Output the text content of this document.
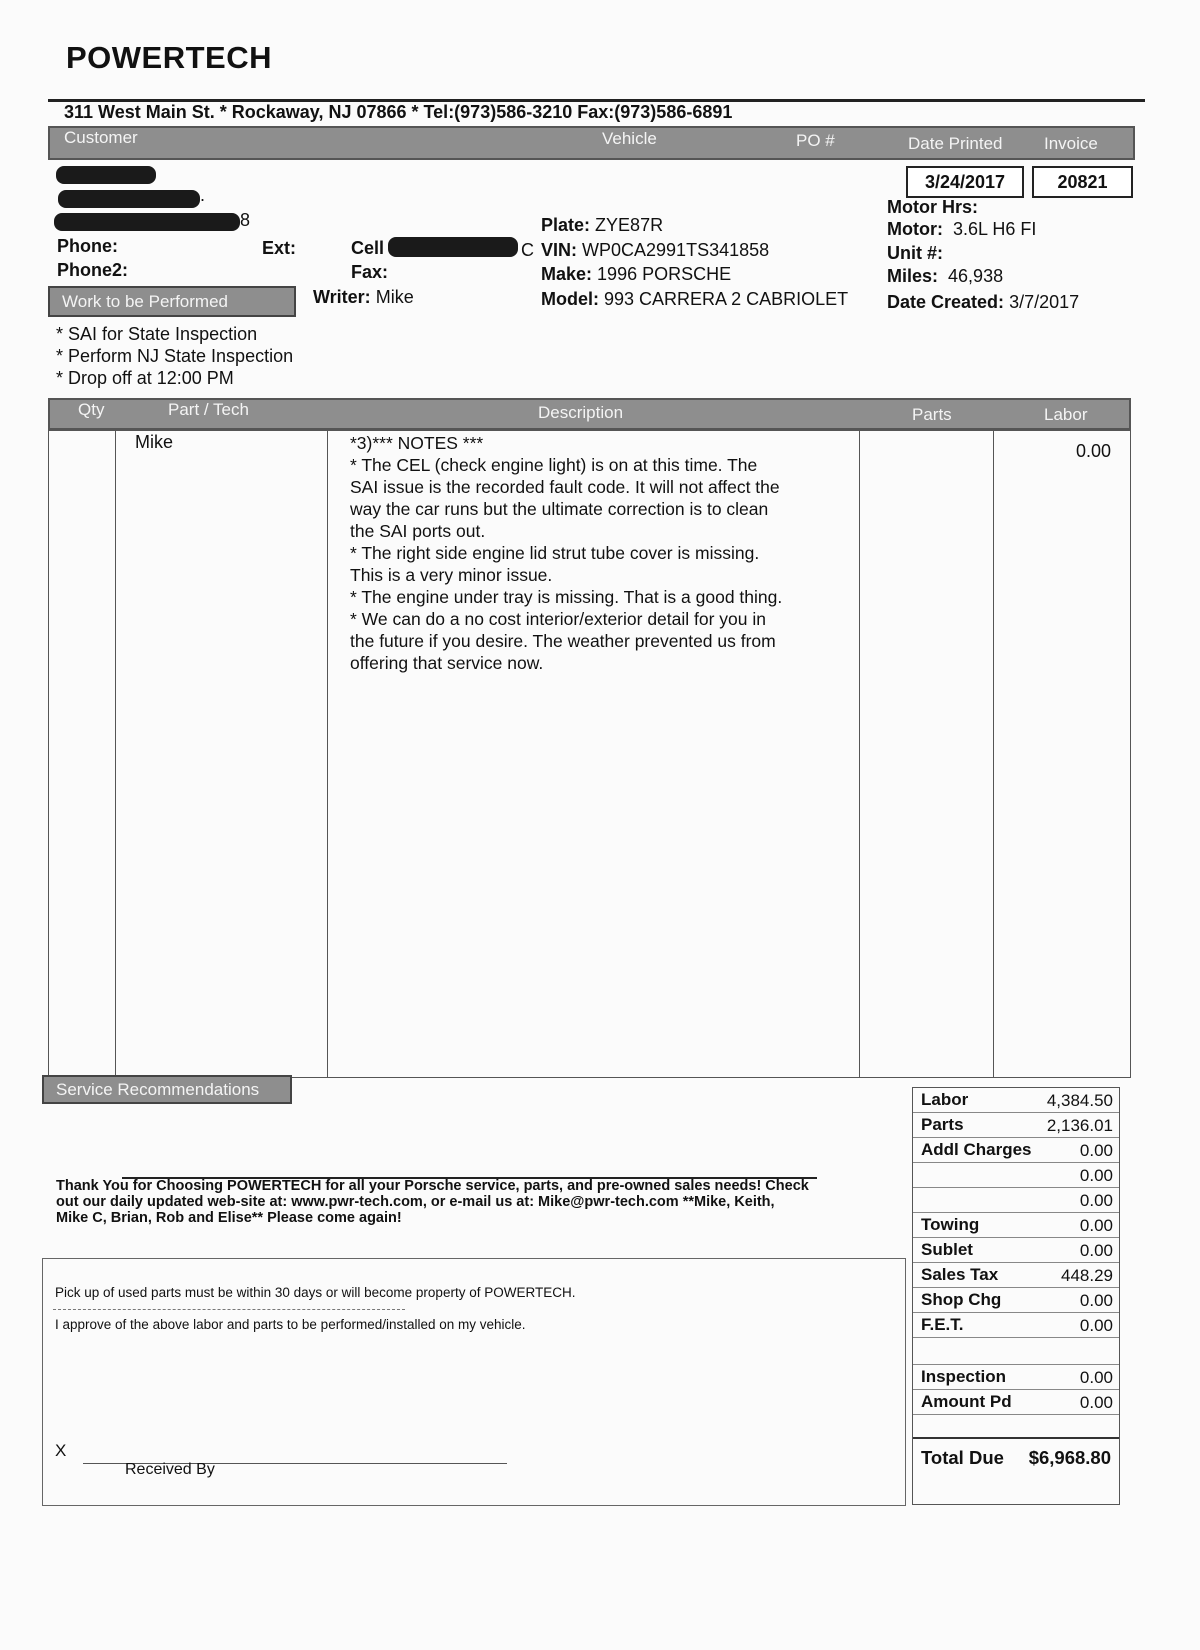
POWERTECH
311 West Main St. * Rockaway, NJ 07866 * Tel:(973)586-3210 Fax:(973)586-6891
Customer	Vehicle	PO #	Date Printed Invoice
3/24/2017	20821
.
8
Phone:	Ext:	Cell	C
Phone2:	Fax:
Writer: Mike
Plate: ZYE87R
VIN: WP0CA2991TS341858
Make: 1996 PORSCHE
Model: 993 CARRERA 2 CABRIOLET
Motor Hrs:
Motor: 3.6L H6 FI
Unit #:
Miles: 46,938
Date Created: 3/7/2017
Work to be Performed
* SAI for State Inspection
* Perform NJ State Inspection
* Drop off at 12:00 PM
Qty	Part / Tech	Description	Parts	Labor
Mike	0.00
*3)*** NOTES ***
* The CEL (check engine light) is on at this time. The
SAI issue is the recorded fault code. It will not affect the
way the car runs but the ultimate correction is to clean
the SAI ports out.
* The right side engine lid strut tube cover is missing.
This is a very minor issue.
* The engine under tray is missing. That is a good thing.
* We can do a no cost interior/exterior detail for you in
the future if you desire. The weather prevented us from
offering that service now.
Service Recommendations
Labor	4,384.50
Parts	2,136.01
Addl Charges	0.00
0.00
0.00
Towing	0.00
Sublet	0.00
Sales Tax	448.29
Shop Chg	0.00
F.E.T.	0.00
Inspection	0.00
Amount Pd	0.00
Total Due $6,968.80
Thank You for Choosing POWERTECH for all your Porsche service, parts, and pre-owned sales needs! Check
out our daily updated web-site at: www.pwr-tech.com, or e-mail us at: Mike@pwr-tech.com **Mike, Keith,
Mike C, Brian, Rob and Elise** Please come again!
Pick up of used parts must be within 30 days or will become property of POWERTECH.
I approve of the above labor and parts to be performed/installed on my vehicle.
X
Received By
